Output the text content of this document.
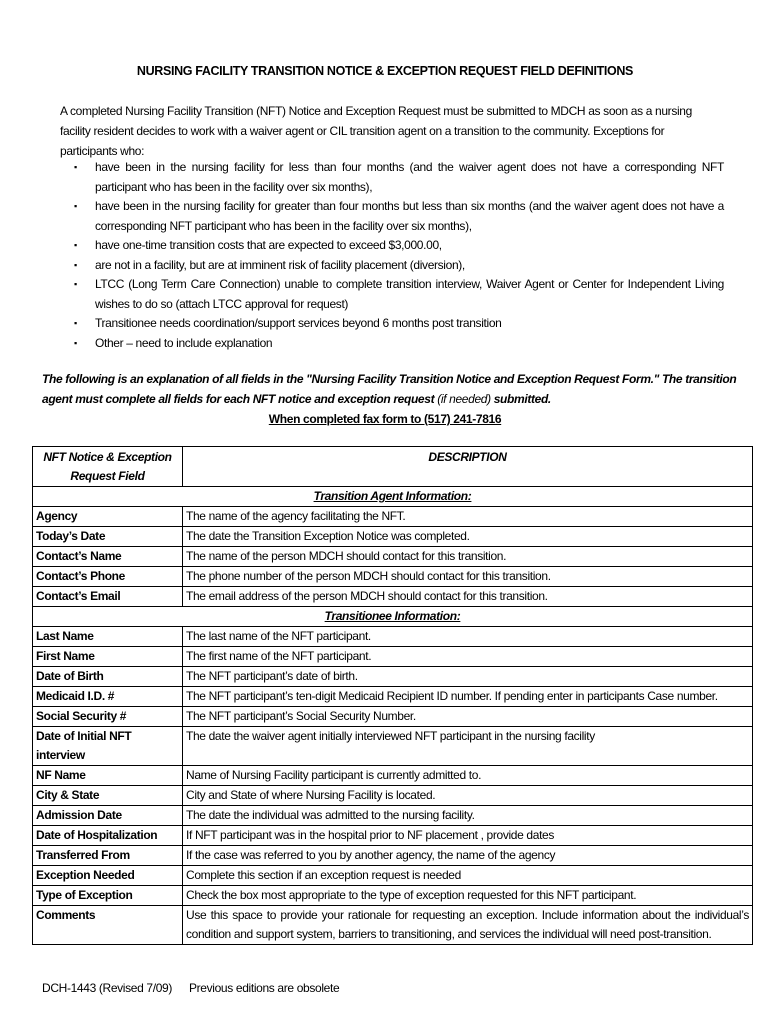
NURSING FACILITY TRANSITION NOTICE & EXCEPTION REQUEST FIELD DEFINITIONS
A completed Nursing Facility Transition (NFT) Notice and Exception Request must be submitted to MDCH as soon as a nursing facility resident decides to work with a waiver agent or CIL transition agent on a transition to the community. Exceptions for participants who:
▪ have been in the nursing facility for less than four months (and the waiver agent does not have a corresponding NFT participant who has been in the facility over six months),
▪ have been in the nursing facility for greater than four months but less than six months (and the waiver agent does not have a corresponding NFT participant who has been in the facility over six months),
▪ have one-time transition costs that are expected to exceed $3,000.00,
▪ are not in a facility, but are at imminent risk of facility placement (diversion),
▪ LTCC (Long Term Care Connection) unable to complete transition interview, Waiver Agent or Center for Independent Living wishes to do so (attach LTCC approval for request)
▪ Transitionee needs coordination/support services beyond 6 months post transition
▪ Other – need to include explanation
The following is an explanation of all fields in the "Nursing Facility Transition Notice and Exception Request Form." The transition agent must complete all fields for each NFT notice and exception request (if needed) submitted.
When completed fax form to (517) 241-7816
NFT Notice & Exception Request Field	DESCRIPTION
Transition Agent Information:	
Agency	The name of the agency facilitating the NFT.
Today’s Date	The date the Transition Exception Notice was completed.
Contact’s Name	The name of the person MDCH should contact for this transition.
Contact’s Phone	The phone number of the person MDCH should contact for this transition.
Contact’s Email	The email address of the person MDCH should contact for this transition.
Transitionee Information:	
Last Name	The last name of the NFT participant.
First Name	The first name of the NFT participant.
Date of Birth	The NFT participant’s date of birth.
Medicaid I.D. #	The NFT participant’s ten-digit Medicaid Recipient ID number. If pending enter in participants Case number.
Social Security #	The NFT participant’s Social Security Number.
Date of Initial NFT interview	The date the waiver agent initially interviewed NFT participant in the nursing facility
NF Name	Name of Nursing Facility participant is currently admitted to.
City & State	City and State of where Nursing Facility is located.
Admission Date	The date the individual was admitted to the nursing facility.
Date of Hospitalization	If NFT participant was in the hospital prior to NF placement , provide dates
Transferred From	If the case was referred to you by another agency, the name of the agency
Exception Needed	Complete this section if an exception request is needed
Type of Exception	Check the box most appropriate to the type of exception requested for this NFT participant.
Comments	Use this space to provide your rationale for requesting an exception. Include information about the individual’s condition and support system, barriers to transitioning, and services the individual will need post-transition.
DCH-1443 (Revised 7/09) Previous editions are obsolete
